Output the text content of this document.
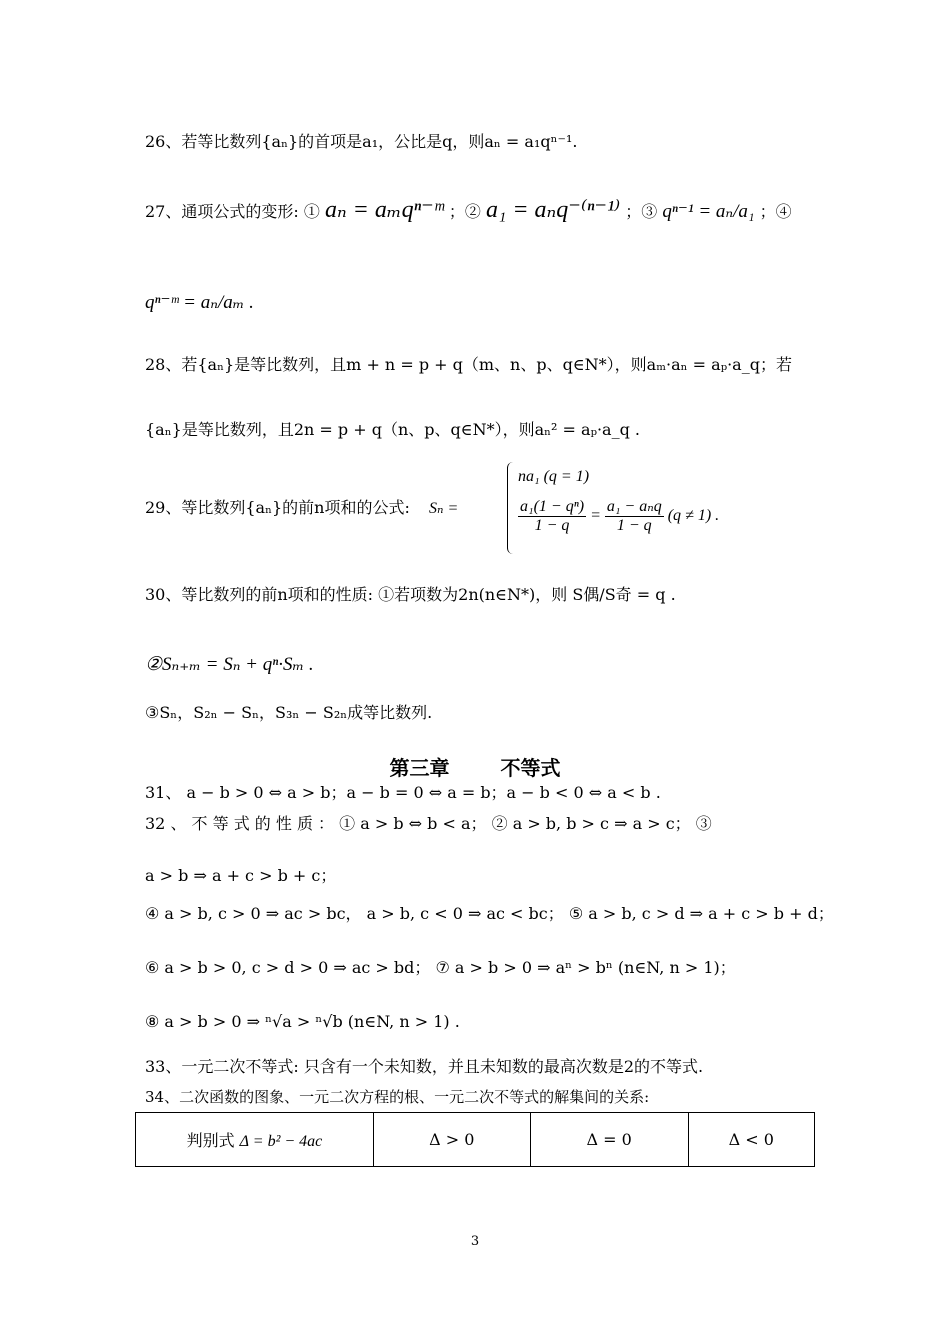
26、若等比数列{aₙ}的首项是a₁，公比是q，则aₙ = a₁qⁿ⁻¹.
27、通项公式的变形: ① aₙ = aₘqⁿ⁻ᵐ ；② a₁ = aₙq⁻⁽ⁿ⁻¹⁾ ；③ qⁿ⁻¹ = aₙ/a₁ ；④
qⁿ⁻ᵐ = aₙ/aₘ .
28、若{aₙ}是等比数列，且m + n = p + q（m、n、p、q∈N*），则aₘ·aₙ = aₚ·a_q；若
{aₙ}是等比数列，且2n = p + q（n、p、q∈N*），则aₙ² = aₚ·a_q .
29、等比数列{aₙ}的前n项和的公式: Sₙ =
na₁ (q = 1)
$\frac{\text{a₁(1 − qⁿ)}}{1 - q} = \frac{\text{a₁ − aₙq}}{1 - q} (q \ne 1)$ .
30、等比数列的前n项和的性质: ①若项数为2n(n∈N*)，则 S偶/S奇 = q .
②Sₙ₊ₘ = Sₙ + qⁿ·Sₘ .
③Sₙ，S₂ₙ − Sₙ，S₃ₙ − S₂ₙ成等比数列.
第三章	不等式
31、 a − b > 0 ⇔ a > b；a − b = 0 ⇔ a = b；a − b < 0 ⇔ a < b .
32 、 不 等 式 的 性 质 ： ① a > b ⇔ b < a； ② a > b, b > c ⇒ a > c； ③
a > b ⇒ a + c > b + c；
④ a > b, c > 0 ⇒ ac > bc， a > b, c < 0 ⇒ ac < bc； ⑤ a > b, c > d ⇒ a + c > b + d；
⑥ a > b > 0, c > d > 0 ⇒ ac > bd； ⑦ a > b > 0 ⇒ aⁿ > bⁿ (n∈N, n > 1)；
⑧ a > b > 0 ⇒ ⁿ√a > ⁿ√b (n∈N, n > 1) .
33、一元二次不等式: 只含有一个未知数，并且未知数的最高次数是2的不等式.
34、二次函数的图象、一元二次方程的根、一元二次不等式的解集间的关系:
判别式 Δ = b² − 4ac	Δ > 0	Δ = 0	Δ < 0
3
